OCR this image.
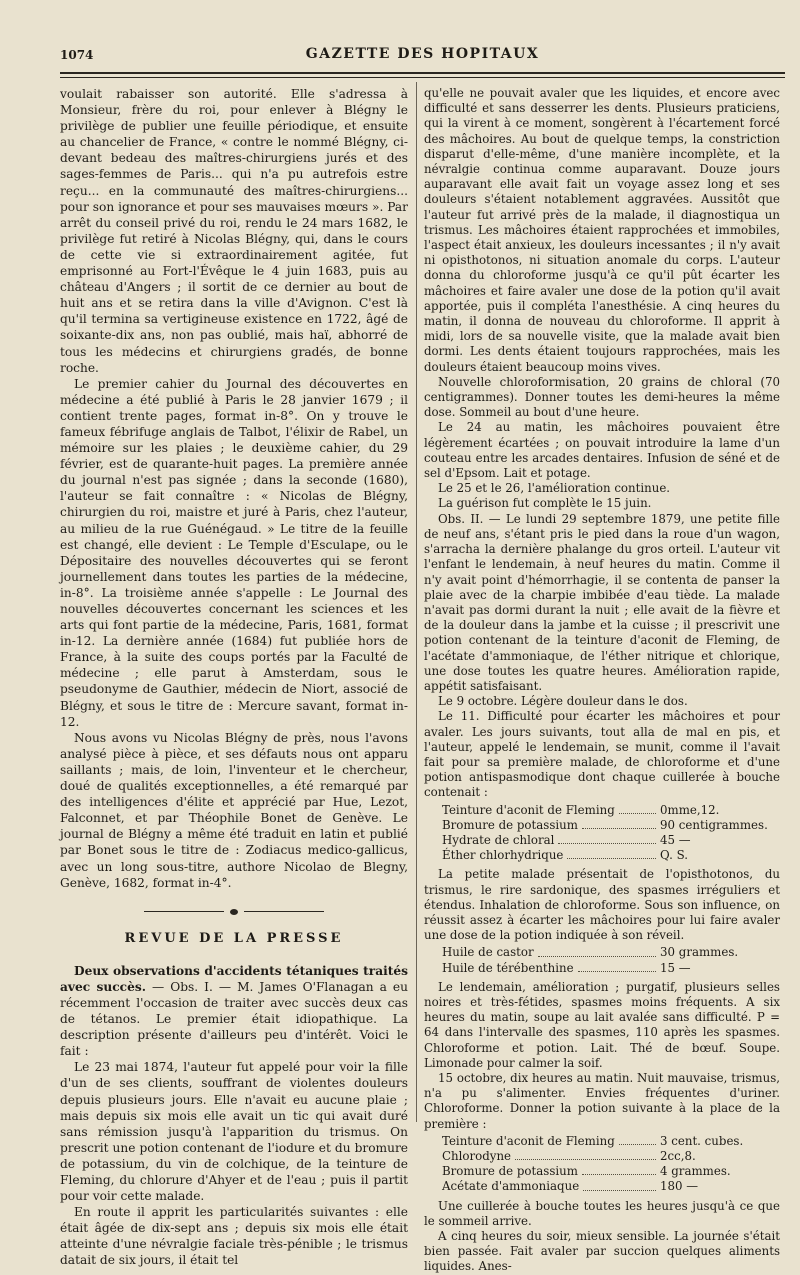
1074	GAZETTE DES HOPITAUX

voulait rabaisser son autorité. Elle s'adressa à Monsieur, frère du roi, pour enlever à Blégny le privilège de publier une feuille périodique, et ensuite au chancelier de France, « contre le nommé Blégny, ci-devant bedeau des maîtres-chirurgiens jurés et des sages-femmes de Paris... qui n'a pu autrefois estre reçu... en la communauté des maîtres-chirurgiens... pour son ignorance et pour ses mauvaises mœurs ». Par arrêt du conseil privé du roi, rendu le 24 mars 1682, le privilège fut retiré à Nicolas Blégny, qui, dans le cours de cette vie si extraordinairement agitée, fut emprisonné au Fort-l'Évêque le 4 juin 1683, puis au château d'Angers ; il sortit de ce dernier au bout de huit ans et se retira dans la ville d'Avignon. C'est là qu'il termina sa vertigineuse existence en 1722, âgé de soixante-dix ans, non pas oublié, mais haï, abhorré de tous les médecins et chirurgiens gradés, de bonne roche.

Le premier cahier du Journal des découvertes en médecine a été publié à Paris le 28 janvier 1679 ; il contient trente pages, format in-8°. On y trouve le fameux fébrifuge anglais de Talbot, l'élixir de Rabel, un mémoire sur les plaies ; le deuxième cahier, du 29 février, est de quarante-huit pages. La première année du journal n'est pas signée ; dans la seconde (1680), l'auteur se fait connaître : « Nicolas de Blégny, chirurgien du roi, maistre et juré à Paris, chez l'auteur, au milieu de la rue Guénégaud. » Le titre de la feuille est changé, elle devient : Le Temple d'Esculape, ou le Dépositaire des nouvelles découvertes qui se feront journellement dans toutes les parties de la médecine, in-8°. La troisième année s'appelle : Le Journal des nouvelles découvertes concernant les sciences et les arts qui font partie de la médecine, Paris, 1681, format in-12. La dernière année (1684) fut publiée hors de France, à la suite des coups portés par la Faculté de médecine ; elle parut à Amsterdam, sous le pseudonyme de Gauthier, médecin de Niort, associé de Blégny, et sous le titre de : Mercure savant, format in-12.

Nous avons vu Nicolas Blégny de près, nous l'avons analysé pièce à pièce, et ses défauts nous ont apparu saillants ; mais, de loin, l'inventeur et le chercheur, doué de qualités exceptionnelles, a été remarqué par des intelligences d'élite et apprécié par Hue, Lezot, Falconnet, et par Théophile Bonet de Genève. Le journal de Blégny a même été traduit en latin et publié par Bonet sous le titre de : Zodiacus medico-gallicus, avec un long sous-titre, authore Nicolao de Blegny, Genève, 1682, format in-4°.

REVUE DE LA PRESSE

Deux observations d'accidents tétaniques traités avec succès. — Obs. I. — M. James O'Flanagan a eu récemment l'occasion de traiter avec succès deux cas de tétanos. Le premier était idiopathique. La description présente d'ailleurs peu d'intérêt. Voici le fait :

Le 23 mai 1874, l'auteur fut appelé pour voir la fille d'un de ses clients, souffrant de violentes douleurs depuis plusieurs jours. Elle n'avait eu aucune plaie ; mais depuis six mois elle avait un tic qui avait duré sans rémission jusqu'à l'apparition du trismus. On prescrit une potion contenant de l'iodure et du bromure de potassium, du vin de colchique, de la teinture de Fleming, du chlorure d'Ahyer et de l'eau ; puis il partit pour voir cette malade.

En route il apprit les particularités suivantes : elle était âgée de dix-sept ans ; depuis six mois elle était atteinte d'une névralgie faciale très-pénible ; le trismus datait de six jours, il était tel

qu'elle ne pouvait avaler que les liquides, et encore avec difficulté et sans desserrer les dents. Plusieurs praticiens, qui la virent à ce moment, songèrent à l'écartement forcé des mâchoires. Au bout de quelque temps, la constriction disparut d'elle-même, d'une manière incomplète, et la névralgie continua comme auparavant. Douze jours auparavant elle avait fait un voyage assez long et ses douleurs s'étaient notablement aggravées. Aussitôt que l'auteur fut arrivé près de la malade, il diagnostiqua un trismus. Les mâchoires étaient rapprochées et immobiles, l'aspect était anxieux, les douleurs incessantes ; il n'y avait ni opisthotonos, ni situation anomale du corps. L'auteur donna du chloroforme jusqu'à ce qu'il pût écarter les mâchoires et faire avaler une dose de la potion qu'il avait apportée, puis il compléta l'anesthésie. A cinq heures du matin, il donna de nouveau du chloroforme. Il apprit à midi, lors de sa nouvelle visite, que la malade avait bien dormi. Les dents étaient toujours rapprochées, mais les douleurs étaient beaucoup moins vives.

Nouvelle chloroformisation, 20 grains de chloral (70 centigrammes). Donner toutes les demi-heures la même dose. Sommeil au bout d'une heure.

Le 24 au matin, les mâchoires pouvaient être légèrement écartées ; on pouvait introduire la lame d'un couteau entre les arcades dentaires. Infusion de séné et de sel d'Epsom. Lait et potage.

Le 25 et le 26, l'amélioration continue.

La guérison fut complète le 15 juin.

Obs. II. — Le lundi 29 septembre 1879, une petite fille de neuf ans, s'étant pris le pied dans la roue d'un wagon, s'arracha la dernière phalange du gros orteil. L'auteur vit l'enfant le lendemain, à neuf heures du matin. Comme il n'y avait point d'hémorrhagie, il se contenta de panser la plaie avec de la charpie imbibée d'eau tiède. La malade n'avait pas dormi durant la nuit ; elle avait de la fièvre et de la douleur dans la jambe et la cuisse ; il prescrivit une potion contenant de la teinture d'aconit de Fleming, de l'acétate d'ammoniaque, de l'éther nitrique et chlorique, une dose toutes les quatre heures. Amélioration rapide, appétit satisfaisant.

Le 9 octobre. Légère douleur dans le dos.

Le 11. Difficulté pour écarter les mâchoires et pour avaler. Les jours suivants, tout alla de mal en pis, et l'auteur, appelé le lendemain, se munit, comme il l'avait fait pour sa première malade, de chloroforme et d'une potion antispasmodique dont chaque cuillerée à bouche contenait :

Teinture d'aconit de Fleming	0mme,12.
Bromure de potassium	90 centigrammes.
Hydrate de chloral	45 —
Éther chlorhydrique	Q. S.

La petite malade présentait de l'opisthotonos, du trismus, le rire sardonique, des spasmes irréguliers et étendus. Inhalation de chloroforme. Sous son influence, on réussit assez à écarter les mâchoires pour lui faire avaler une dose de la potion indiquée à son réveil.

Huile de castor	30 grammes.
Huile de térébenthine	15 —

Le lendemain, amélioration ; purgatif, plusieurs selles noires et très-fétides, spasmes moins fréquents. A six heures du matin, soupe au lait avalée sans difficulté. P = 64 dans l'intervalle des spasmes, 110 après les spasmes. Chloroforme et potion. Lait. Thé de bœuf. Soupe. Limonade pour calmer la soif.

15 octobre, dix heures au matin. Nuit mauvaise, trismus, n'a pu s'alimenter. Envies fréquentes d'uriner. Chloroforme. Donner la potion suivante à la place de la première :

Teinture d'aconit de Fleming	3 cent. cubes.
Chlorodyne	2cc,8.
Bromure de potassium	4 grammes.
Acétate d'ammoniaque	180 —

Une cuillerée à bouche toutes les heures jusqu'à ce que le sommeil arrive.

A cinq heures du soir, mieux sensible. La journée s'était bien passée. Fait avaler par succion quelques aliments liquides. Anes-
